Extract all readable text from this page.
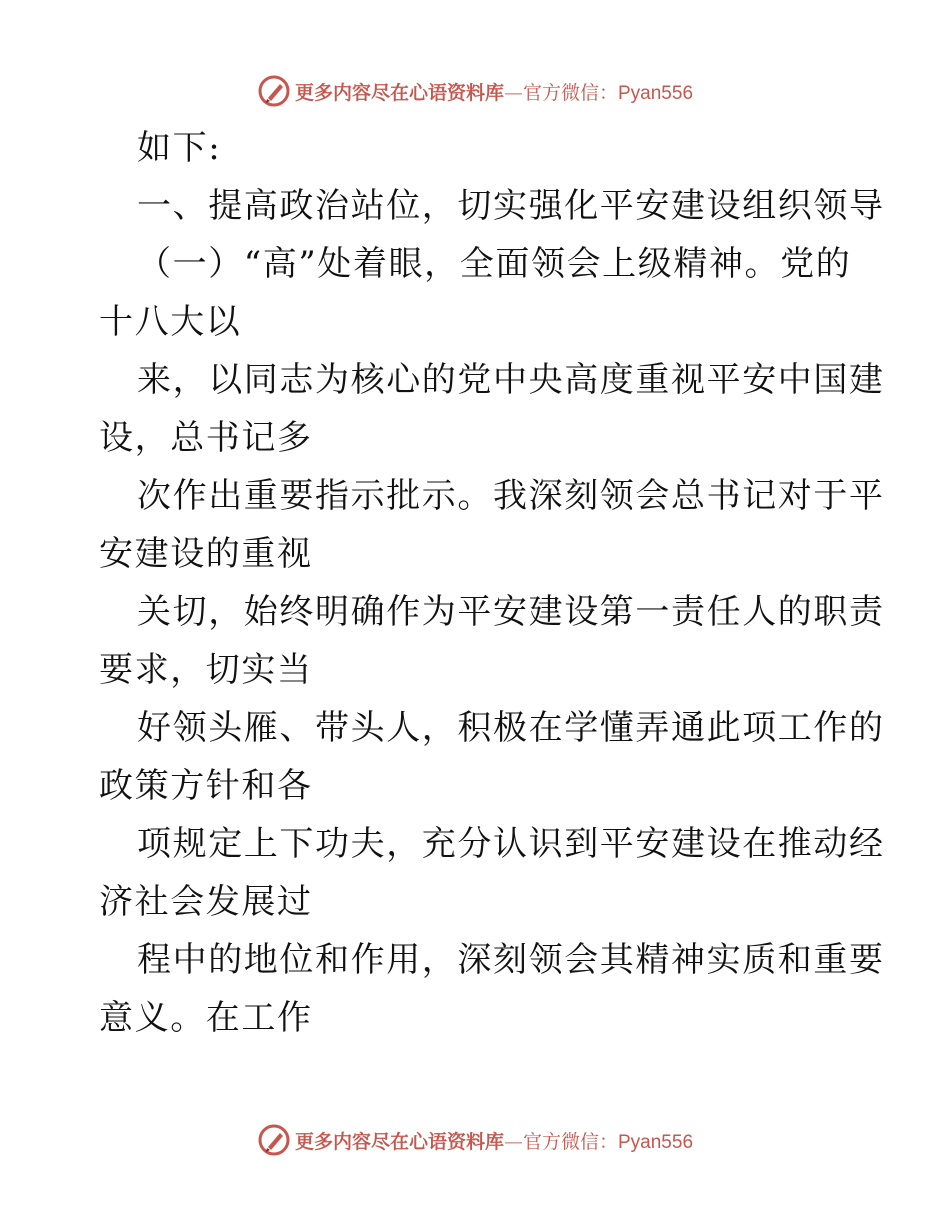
更多内容尽在心语资料库—官方微信：Pyan556
如下:
一、提高政治站位，切实强化平安建设组织领导
（一）“高”处着眼，全面领会上级精神。党的
十八大以
来，以同志为核心的党中央高度重视平安中国建
设，总书记多
次作出重要指示批示。我深刻领会总书记对于平
安建设的重视
关切，始终明确作为平安建设第一责任人的职责
要求，切实当
好领头雁、带头人，积极在学懂弄通此项工作的
政策方针和各
项规定上下功夫，充分认识到平安建设在推动经
济社会发展过
程中的地位和作用，深刻领会其精神实质和重要
意义。在工作
更多内容尽在心语资料库—官方微信：Pyan556
